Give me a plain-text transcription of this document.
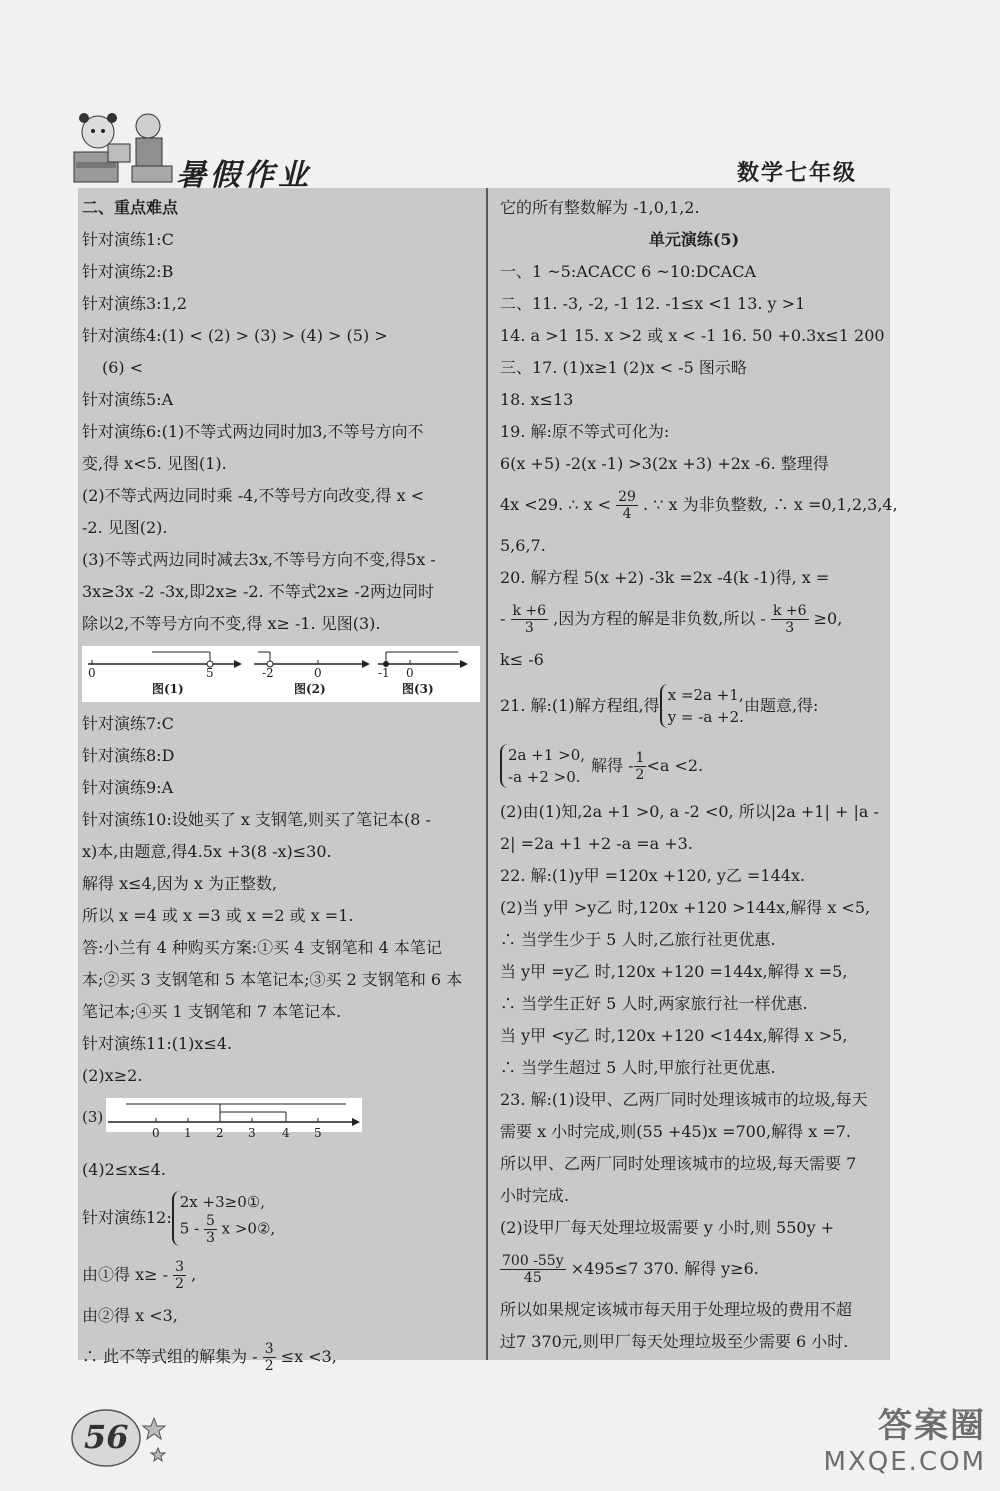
暑假作业	数学七年级
二、重点难点
针对演练1:C
针对演练2:B
针对演练3:1,2
针对演练4:(1) < (2) > (3) > (4) > (5) >
(6) <
针对演练5:A
针对演练6:(1)不等式两边同时加3,不等号方向不
变,得 x<5. 见图(1).
(2)不等式两边同时乘 -4,不等号方向改变,得 x <
-2. 见图(2).
(3)不等式两边同时减去3x,不等号方向不变,得5x -
3x≥3x -2 -3x,即2x≥ -2. 不等式2x≥ -2两边同时
除以2,不等号方向不变,得 x≥ -1. 见图(3).
0	5
图(1)
-2	0
图(2)
-1 0
图(3)
针对演练7:C
针对演练8:D
针对演练9:A
针对演练10:设她买了 x 支钢笔,则买了笔记本(8 -
x)本,由题意,得4.5x +3(8 -x)≤30.
解得 x≤4,因为 x 为正整数,
所以 x =4 或 x =3 或 x =2 或 x =1.
答:小兰有 4 种购买方案:①买 4 支钢笔和 4 本笔记
本;②买 3 支钢笔和 5 本笔记本;③买 2 支钢笔和 6 本
笔记本;④买 1 支钢笔和 7 本笔记本.
针对演练11:(1)x≤4.
(2)x≥2.
(3)
0 1 2 3 4 5
(4)2≤x≤4.
针对演练12:
2x +3≥0①,
$5 - \frac{5}{3}$ x >0②,
由①得 $x\ge - \frac{3}{2}$ ,
由②得 x <3,
∴ 此不等式组的解集为 - $\frac{3}{2} \le x <3$,
它的所有整数解为 -1,0,1,2.
单元演练(5)
一、1 ~5:ACACC 6 ~10:DCACA
二、11. -3, -2, -1 12. -1≤x <1 13. y >1
14. a >1 15. x >2 或 x < -1 16. 50 +0.3x≤1 200
三、17. (1)x≥1 (2)x < -5 图示略
18. x≤13
19. 解:原不等式可化为:
6(x +5) -2(x -1) >3(2x +3) +2x -6. 整理得
4x <29. ∴ $x < \frac{29}{4}$ . ∵ x 为非负整数, ∴ x =0,1,2,3,4,
5,6,7.
20. 解方程 5(x +2) -3k =2x -4(k -1)得, x =
- $\frac{k +6}{3}$ ,因为方程的解是非负数,所以 - $\frac{k +6}{3} \ge 0$,
k≤ -6
21. 解:(1)解方程组,得
x =2a +1,
y = -a +2.
由题意,得:
2a +1 >0,
-a +2 >0.
解得 - $\frac{1}{2} <a <2$.
(2)由(1)知,2a +1 >0, a -2 <0, 所以|2a +1| + |a -
2| =2a +1 +2 -a =a +3.
22. 解:(1)y甲 =120x +120, y乙 =144x.
(2)当 y甲 >y乙 时,120x +120 >144x,解得 x <5,
∴ 当学生少于 5 人时,乙旅行社更优惠.
当 y甲 =y乙 时,120x +120 =144x,解得 x =5,
∴ 当学生正好 5 人时,两家旅行社一样优惠.
当 y甲 <y乙 时,120x +120 <144x,解得 x >5,
∴ 当学生超过 5 人时,甲旅行社更优惠.
23. 解:(1)设甲、乙两厂同时处理该城市的垃圾,每天
需要 x 小时完成,则(55 +45)x =700,解得 x =7.
所以甲、乙两厂同时处理该城市的垃圾,每天需要 7
小时完成.
(2)设甲厂每天处理垃圾需要 y 小时,则 550y +
$\frac{700 -55y}{45} \times 495\le 7$ 370. 解得 y≥6.
所以如果规定该城市每天用于处理垃圾的费用不超
过7 370元,则甲厂每天处理垃圾至少需要 6 小时.
56	答案圈
MXQE.COM
